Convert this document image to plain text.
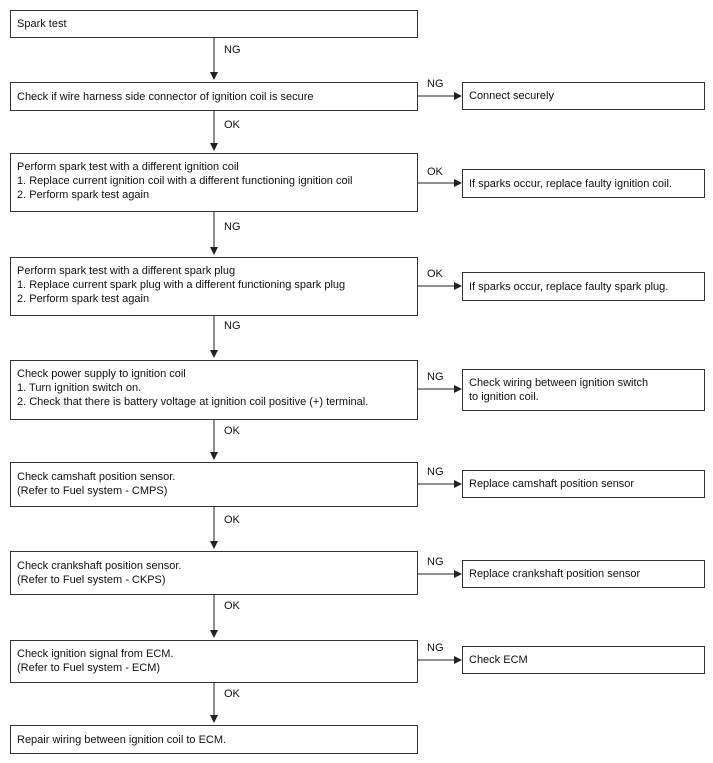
Spark test
Check if wire harness side connector of ignition coil is secure
Perform spark test with a different ignition coil
1. Replace current ignition coil with a different functioning ignition coil
2. Perform spark test again
Perform spark test with a different spark plug
1. Replace current spark plug with a different functioning spark plug
2. Perform spark test again
Check power supply to ignition coil
1. Turn ignition switch on.
2. Check that there is battery voltage at ignition coil positive (+) terminal.
Check camshaft position sensor.
(Refer to Fuel system - CMPS)
Check crankshaft position sensor.
(Refer to Fuel system - CKPS)
Check ignition signal from ECM.
(Refer to Fuel system - ECM)
Repair wiring between ignition coil to ECM.
Connect securely
If sparks occur, replace faulty ignition coil.
If sparks occur, replace faulty spark plug.
Check wiring between ignition switch
to ignition coil.
Replace camshaft position sensor
Replace crankshaft position sensor
Check ECM
NG
OK
NG
NG
OK
OK
OK
OK
NG
OK
OK
NG
NG
NG
NG
